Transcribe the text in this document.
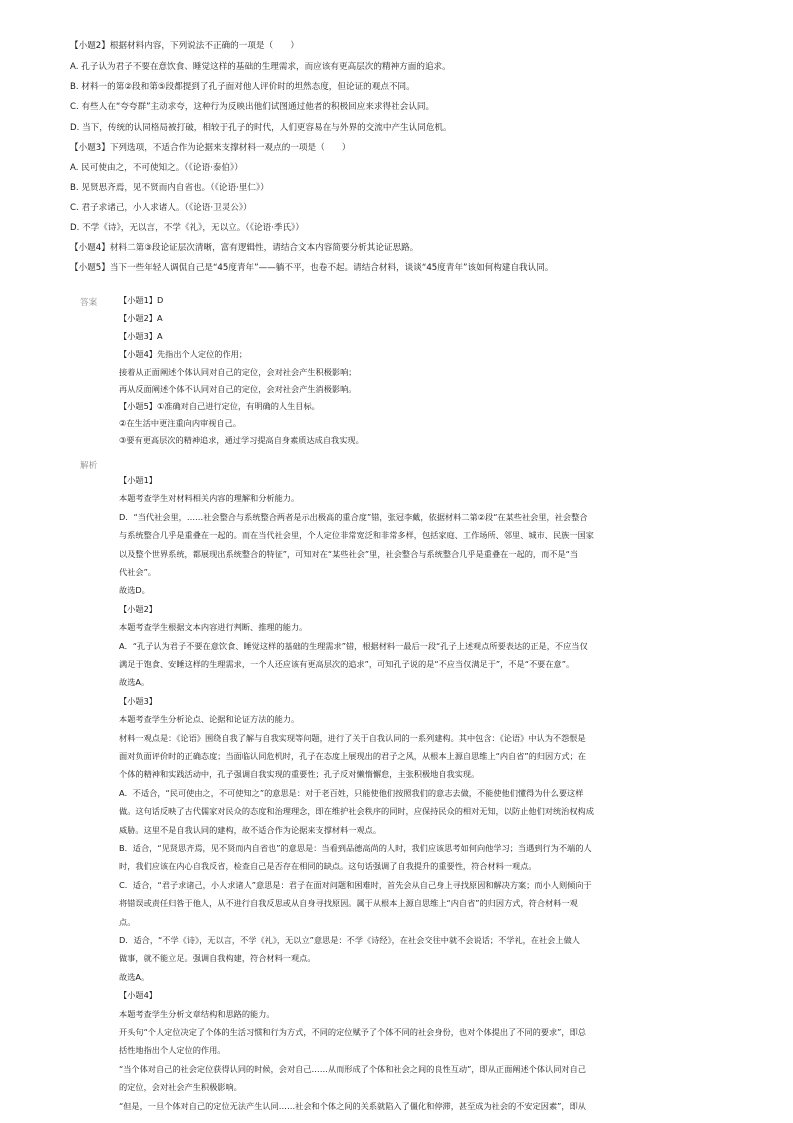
【小题2】根据材料内容，下列说法不正确的一项是（　　）
A. 孔子认为君子不要在意饮食、睡觉这样的基础的生理需求，而应该有更高层次的精神方面的追求。
B. 材料一的第②段和第⑤段都提到了孔子面对他人评价时的坦然态度，但论证的观点不同。
C. 有些人在“夸夸群”主动求夸，这种行为反映出他们试图通过他者的积极回应来求得社会认同。
D. 当下，传统的认同格局被打破，相较于孔子的时代，人们更容易在与外界的交流中产生认同危机。
【小题3】下列选项，不适合作为论据来支撑材料一观点的一项是（　　）
A. 民可使由之，不可使知之。（《论语·泰伯》）
B. 见贤思齐焉，见不贤而内自省也。（《论语·里仁》）
C. 君子求诸己，小人求诸人。（《论语·卫灵公》）
D. 不学《诗》，无以言，不学《礼》，无以立。（《论语·季氏》）
【小题4】材料二第③段论证层次清晰，富有逻辑性，请结合文本内容简要分析其论证思路。
【小题5】当下一些年轻人调侃自己是“45度青年”——躺不平，也卷不起。请结合材料，谈谈“45度青年”该如何构建自我认同。
答案	【小题1】D
【小题2】A
【小题3】A
【小题4】先指出个人定位的作用；
接着从正面阐述个体认同对自己的定位，会对社会产生积极影响；
再从反面阐述个体不认同对自己的定位，会对社会产生消极影响。
【小题5】①准确对自己进行定位，有明确的人生目标。
②在生活中更注重向内审视自己。
③要有更高层次的精神追求，通过学习提高自身素质达成自我实现。
解析
【小题1】
本题考查学生对材料相关内容的理解和分析能力。
D．“当代社会里，……社会整合与系统整合两者是示出极高的重合度”错，张冠李戴，依据材料二第②段“在某些社会里，社会整合
与系统整合几乎是重叠在一起的。而在当代社会里，个人定位非常宽泛和非常多样，包括家庭、工作场所、邻里、城市、民族一国家
以及整个世界系统，都展现出系统整合的特征”，可知对在“某些社会”里，社会整合与系统整合几乎是重叠在一起的，而不是“当
代社会”。
故选D。
【小题2】
本题考查学生根据文本内容进行判断、推理的能力。
A．“孔子认为君子不要在意饮食、睡觉这样的基础的生理需求”错，根据材料一最后一段“孔子上述观点所要表达的正是，不应当仅
满足于饱食、安睡这样的生理需求，一个人还应该有更高层次的追求”，可知孔子说的是“不应当仅满足于”，不是“不要在意”。
故选A。
【小题3】
本题考查学生分析论点、论据和论证方法的能力。
材料一观点是：《论语》围绕自我了解与自我实现等问题，进行了关于自我认同的一系列建构。其中包含：《论语》中认为不怨恨是
面对负面评价时的正确态度；当面临认同危机时，孔子在态度上展现出的君子之风，从根本上源自思维上“内自省”的归因方式；在
个体的精神和实践活动中，孔子强调自我实现的重要性；孔子反对懒惰懈怠，主张积极地自我实现。
A．不适合，“民可使由之，不可使知之”的意思是：对于老百姓，只能使他们按照我们的意志去做，不能使他们懂得为什么要这样
做。这句话反映了古代儒家对民众的态度和治理理念，即在维护社会秩序的同时，应保持民众的相对无知，以防止他们对统治权构成
威胁。这里不是自我认同的建构，故不适合作为论据来支撑材料一观点。
B．适合，“见贤思齐焉，见不贤而内自省也”的意思是：当看到品德高尚的人时，我们应该思考如何向他学习；当遇到行为不端的人
时，我们应该在内心自我反省，检查自己是否存在相同的缺点。这句话强调了自我提升的重要性，符合材料一观点。
C．适合，“君子求诸己，小人求诸人”意思是：君子在面对问题和困难时，首先会从自己身上寻找原因和解决方案；而小人则倾向于
将错误或责任归咎于他人，从不进行自我反思或从自身寻找原因。属于从根本上源自思维上“内自省”的归因方式，符合材料一观
点。
D．适合，“不学《诗》，无以言，不学《礼》，无以立”意思是：不学《诗经》，在社会交往中就不会说话；不学礼，在社会上做人
做事，就不能立足。强调自我构建，符合材料一观点。
故选A。
【小题4】
本题考查学生分析文章结构和思路的能力。
开头句“个人定位决定了个体的生活习惯和行为方式，不同的定位赋予了个体不同的社会身份，也对个体提出了不同的要求”，即总
括性地指出个人定位的作用。
“当个体对自己的社会定位获得认同的时候，会对自己……从而形成了个体和社会之间的良性互动”，即从正面阐述个体认同对自己
的定位，会对社会产生积极影响。
“但是，一旦个体对自己的定位无法产生认同……社会和个体之间的关系就陷入了僵化和停滞，甚至成为社会的不安定因素”，即从
